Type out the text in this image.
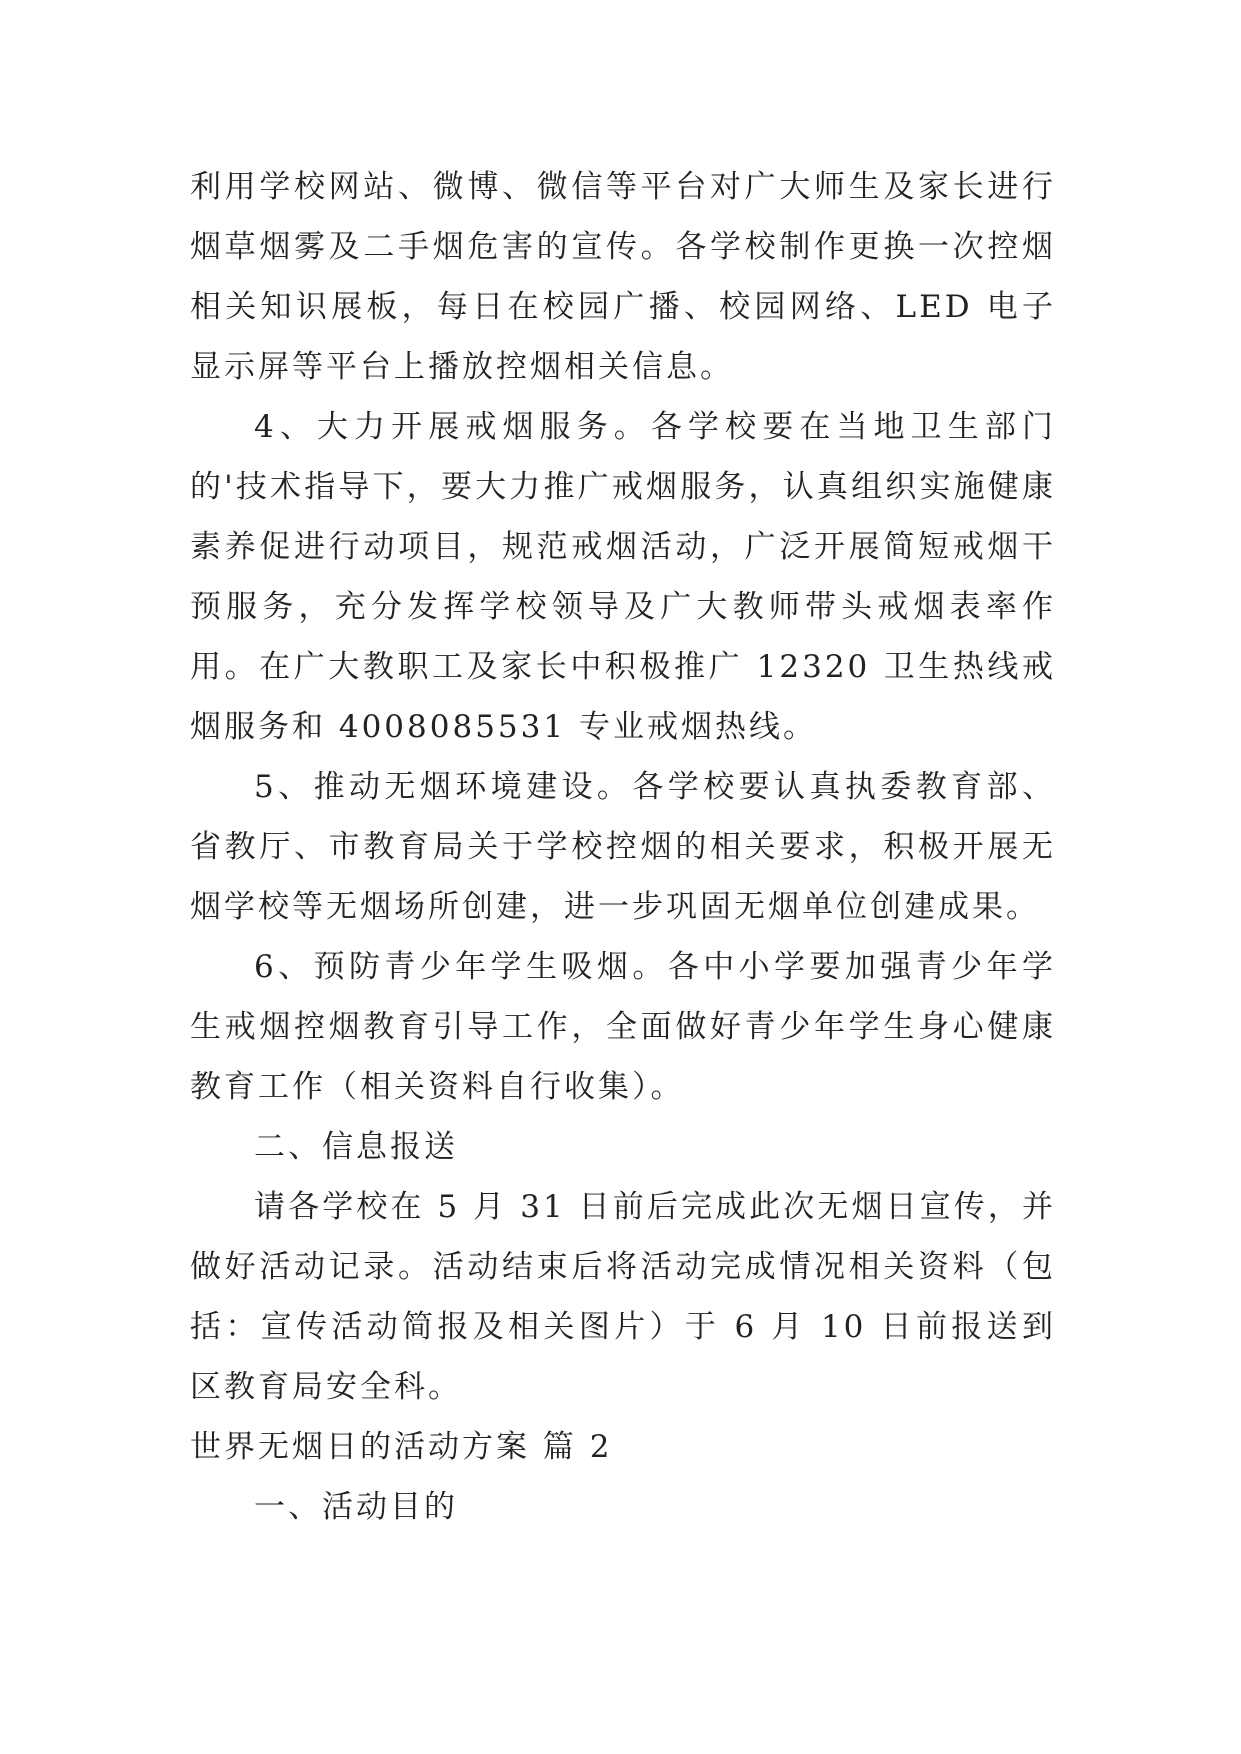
利用学校网站、微博、微信等平台对广大师生及家长进行烟草烟雾及二手烟危害的宣传。各学校制作更换一次控烟相关知识展板，每日在校园广播、校园网络、LED 电子显示屏等平台上播放控烟相关信息。

4、大力开展戒烟服务。各学校要在当地卫生部门的'技术指导下，要大力推广戒烟服务，认真组织实施健康素养促进行动项目，规范戒烟活动，广泛开展简短戒烟干预服务，充分发挥学校领导及广大教师带头戒烟表率作用。在广大教职工及家长中积极推广 12320 卫生热线戒烟服务和 4008085531 专业戒烟热线。

5、推动无烟环境建设。各学校要认真执委教育部、省教厅、市教育局关于学校控烟的相关要求，积极开展无烟学校等无烟场所创建，进一步巩固无烟单位创建成果。

6、预防青少年学生吸烟。各中小学要加强青少年学生戒烟控烟教育引导工作，全面做好青少年学生身心健康教育工作（相关资料自行收集）。

二、信息报送

请各学校在 5 月 31 日前后完成此次无烟日宣传，并做好活动记录。活动结束后将活动完成情况相关资料（包括：宣传活动简报及相关图片）于 6 月 10 日前报送到区教育局安全科。

世界无烟日的活动方案 篇 2

一、活动目的
